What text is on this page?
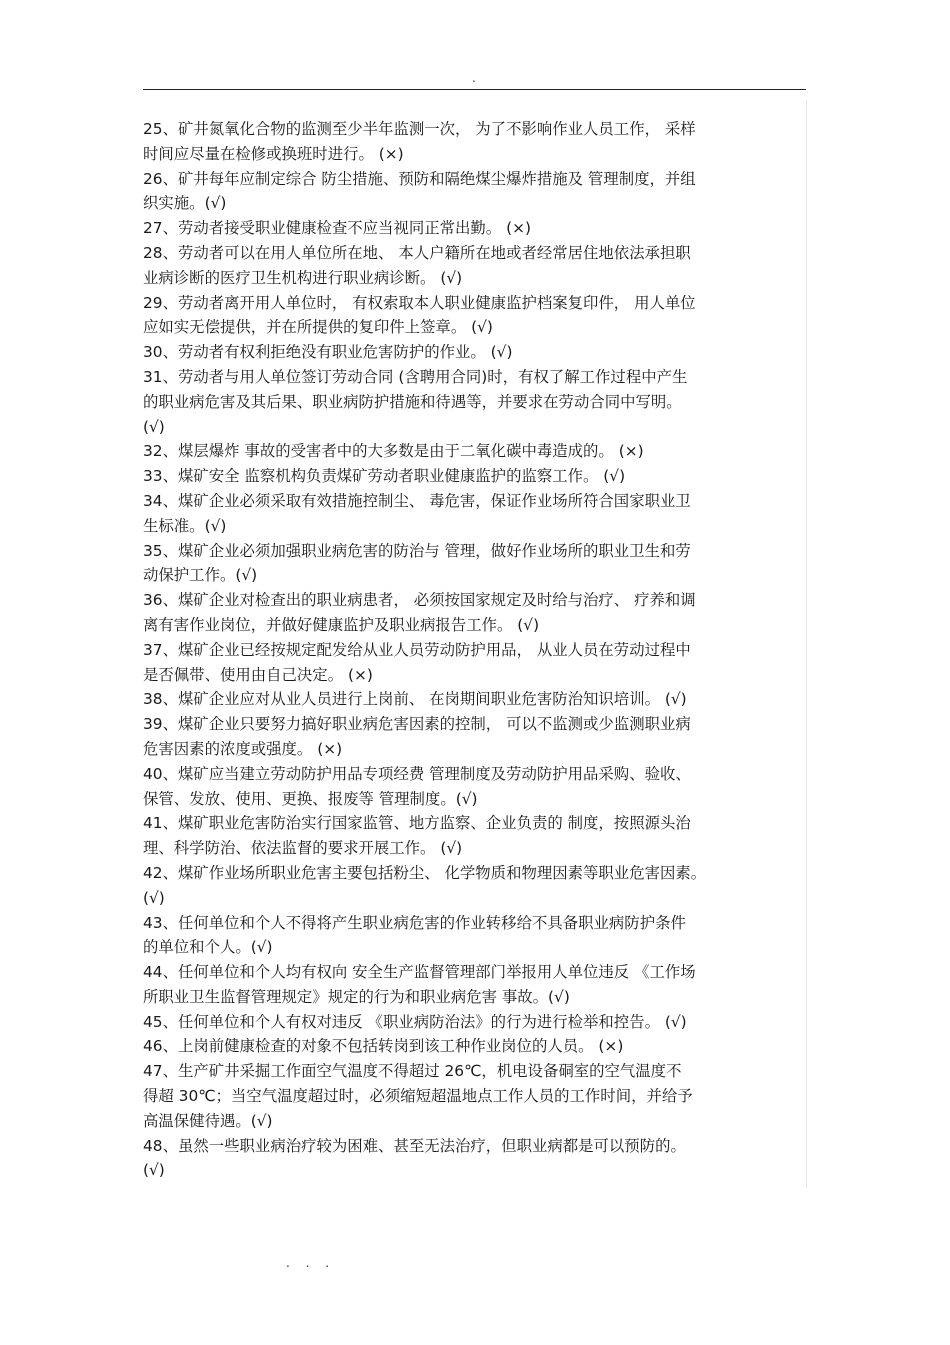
.
25、矿井氮氧化合物的监测至少半年监测一次， 为了不影响作业人员工作， 采样
时间应尽量在检修或换班时进行。 (×)
26、矿井每年应制定综合 防尘措施、预防和隔绝煤尘爆炸措施及 管理制度，并组
织实施。(√)
27、劳动者接受职业健康检查不应当视同正常出勤。 (×)
28、劳动者可以在用人单位所在地、 本人户籍所在地或者经常居住地依法承担职
业病诊断的医疗卫生机构进行职业病诊断。 (√)
29、劳动者离开用人单位时， 有权索取本人职业健康监护档案复印件， 用人单位
应如实无偿提供，并在所提供的复印件上签章。 (√)
30、劳动者有权利拒绝没有职业危害防护的作业。 (√)
31、劳动者与用人单位签订劳动合同 (含聘用合同)时，有权了解工作过程中产生
的职业病危害及其后果、职业病防护措施和待遇等，并要求在劳动合同中写明。
(√)
32、煤层爆炸 事故的受害者中的大多数是由于二氧化碳中毒造成的。 (×)
33、煤矿安全 监察机构负责煤矿劳动者职业健康监护的监察工作。 (√)
34、煤矿企业必须采取有效措施控制尘、 毒危害，保证作业场所符合国家职业卫
生标准。(√)
35、煤矿企业必须加强职业病危害的防治与 管理，做好作业场所的职业卫生和劳
动保护工作。(√)
36、煤矿企业对检查出的职业病患者， 必须按国家规定及时给与治疗、 疗养和调
离有害作业岗位，并做好健康监护及职业病报告工作。 (√)
37、煤矿企业已经按规定配发给从业人员劳动防护用品， 从业人员在劳动过程中
是否佩带、使用由自己决定。 (×)
38、煤矿企业应对从业人员进行上岗前、 在岗期间职业危害防治知识培训。 (√)
39、煤矿企业只要努力搞好职业病危害因素的控制， 可以不监测或少监测职业病
危害因素的浓度或强度。 (×)
40、煤矿应当建立劳动防护用品专项经费 管理制度及劳动防护用品采购、验收、
保管、发放、使用、更换、报废等 管理制度。(√)
41、煤矿职业危害防治实行国家监管、地方监察、企业负责的 制度，按照源头治
理、科学防治、依法监督的要求开展工作。 (√)
42、煤矿作业场所职业危害主要包括粉尘、 化学物质和物理因素等职业危害因素。
(√)
43、任何单位和个人不得将产生职业病危害的作业转移给不具备职业病防护条件
的单位和个人。(√)
44、任何单位和个人均有权向 安全生产监督管理部门举报用人单位违反 《工作场
所职业卫生监督管理规定》规定的行为和职业病危害 事故。(√)
45、任何单位和个人有权对违反 《职业病防治法》的行为进行检举和控告。 (√)
46、上岗前健康检查的对象不包括转岗到该工种作业岗位的人员。 (×)
47、生产矿井采掘工作面空气温度不得超过 26℃，机电设备硐室的空气温度不
得超 30℃；当空气温度超过时，必须缩短超温地点工作人员的工作时间，并给予
高温保健待遇。(√)
48、虽然一些职业病治疗较为困难、甚至无法治疗，但职业病都是可以预防的。
(√)
. . .
